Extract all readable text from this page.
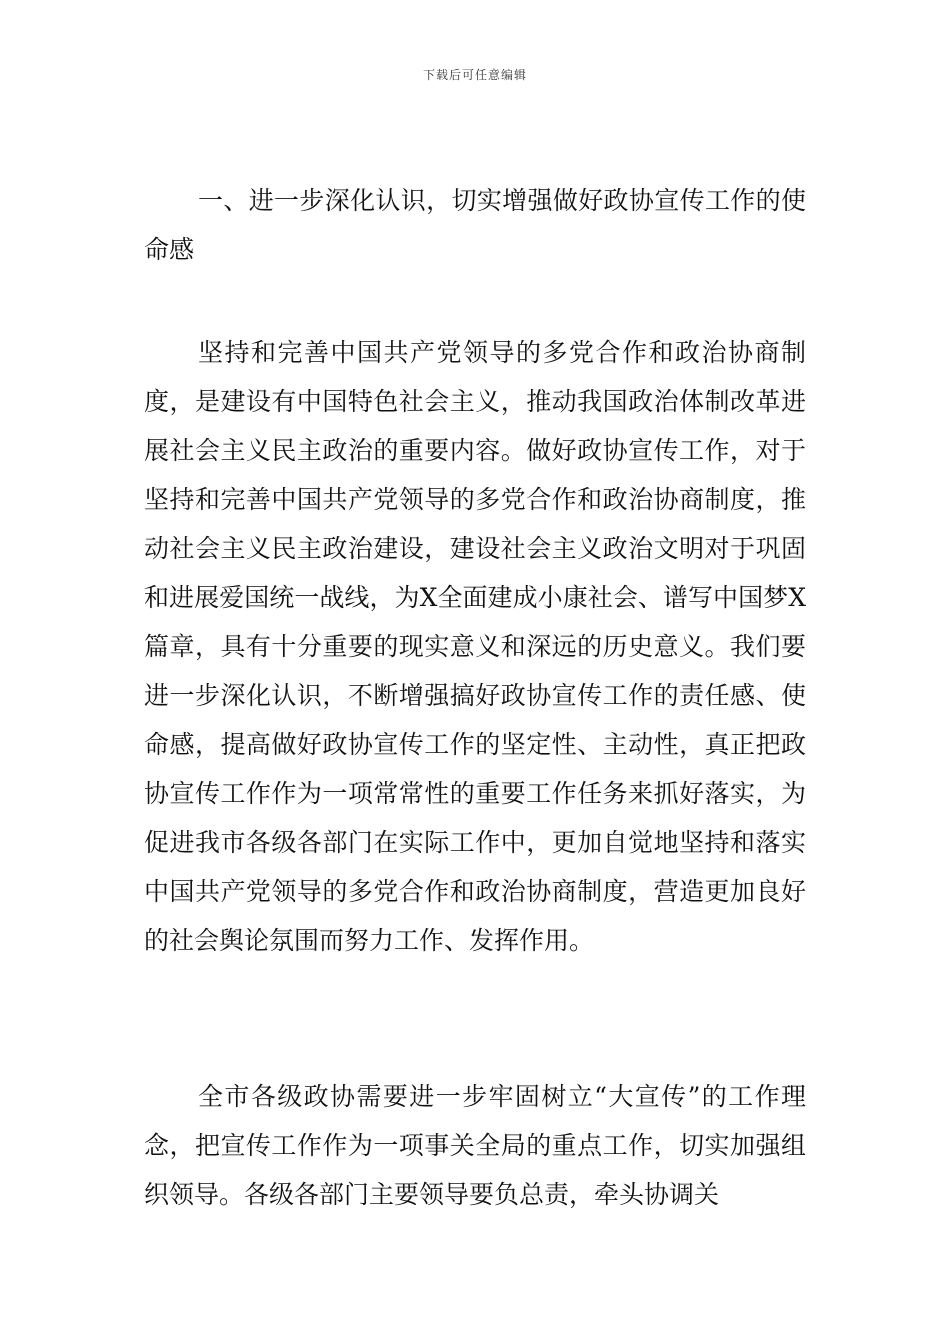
下载后可任意编辑

一、进一步深化认识，切实增强做好政协宣传工作的使命感

坚持和完善中国共产党领导的多党合作和政治协商制度，是建设有中国特色社会主义，推动我国政治体制改革进展社会主义民主政治的重要内容。做好政协宣传工作，对于坚持和完善中国共产党领导的多党合作和政治协商制度，推动社会主义民主政治建设，建设社会主义政治文明对于巩固和进展爱国统一战线，为X全面建成小康社会、谱写中国梦X篇章，具有十分重要的现实意义和深远的历史意义。我们要进一步深化认识，不断增强搞好政协宣传工作的责任感、使命感，提高做好政协宣传工作的坚定性、主动性，真正把政协宣传工作作为一项常常性的重要工作任务来抓好落实，为促进我市各级各部门在实际工作中，更加自觉地坚持和落实中国共产党领导的多党合作和政治协商制度，营造更加良好的社会舆论氛围而努力工作、发挥作用。

全市各级政协需要进一步牢固树立“大宣传”的工作理念，把宣传工作作为一项事关全局的重点工作，切实加强组织领导。各级各部门主要领导要负总责，牵头协调关
